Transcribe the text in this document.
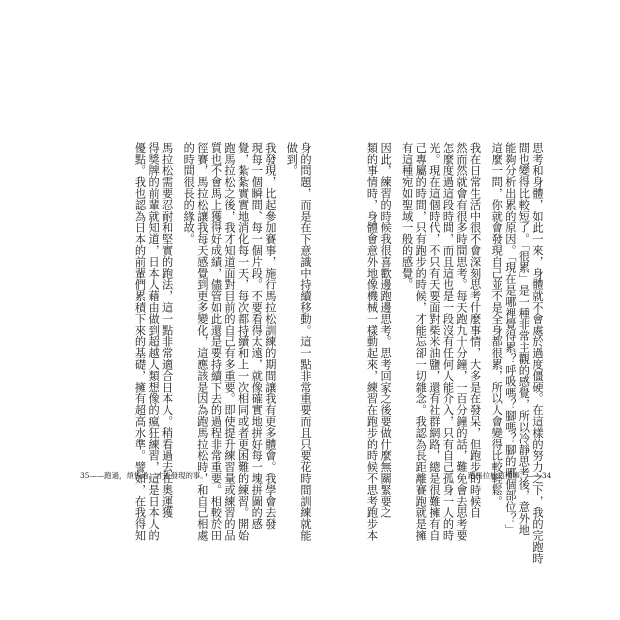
身的問題，而是在下意識中持續移動。這一點非常重要而且只要花時間訓練就能
做到。
我發現，比起參加賽事，施行馬拉松訓練的期間讓我有更多體會。我學會去發
現每一個瞬間、每一個片段。不要看得太遠，就像確實地拼好每一塊拼圖的感
覺，紮紮實實地消化每一天，每次都持續和上一次相同或者更困難的練習。開始
跑馬拉松之後，我才知道面對目前的自己有多重要。即使提升練習量或練習的品
質也不會馬上獲得好成績，儘管如此還是要持續下去的過程非常重要。相較於田
徑賽，馬拉松讓我每天感覺到更多變化，這應該是因為跑馬拉松時，和自己相處
的時間很長的緣故。
馬拉松需要忍耐和堅實的跑法，這一點非常適合日本人。稍看過去在奧運獲
得獎牌的前輩就知道，日本人藉由做到超越人類想像的瘋狂練習，這是日本人的
優點。我也認為日本的前輩們累積下來的基礎，擁有超高水準。譬如，在我得知	思考和身體，如此一來，身體就不會處於過度僵硬。在這樣的努力之下，我的完跑時
間也變得比較短了。「很累」是一種非常主觀的感覺，所以冷靜思考後，意外地
能夠分析出累的原因。「現在是哪裡覺得累？呼吸嗎？腳嗎？腳的哪個部位？」
這麼一問，你就會發現自己並不是全身都很累，所以人會變得比較輕鬆。
我在日常生活中很不會深刻思考什麼事情，大多是在發呆，但跑步的時候自
然而然就會有很多時間思考。每天跑九十分鐘，一百分鐘的話，難免會去思考要
怎麼度過這段時間，而且這也是一段沒有任何人能介入，只有自己孤身一人的時
光。現在這個時代，不只有天要面對柴米油鹽，還有社群網路，總是很難擁有自
己專屬的時間，只有跑步的時候，才能忘卻一切雜念。我認為長距離賽跑就是擁
有這種宛如聖域一般的感覺。
因此，練習的時候我很喜歡邊跑邊思考。思考回家之後要做什麼無關緊要之
類的事情時，身體會意外地像機械一樣動起來，練習在跑步的時候不思考跑步本
35——跑過，煩惱過，才能發現的事。	跑馬拉松這種事。——34
